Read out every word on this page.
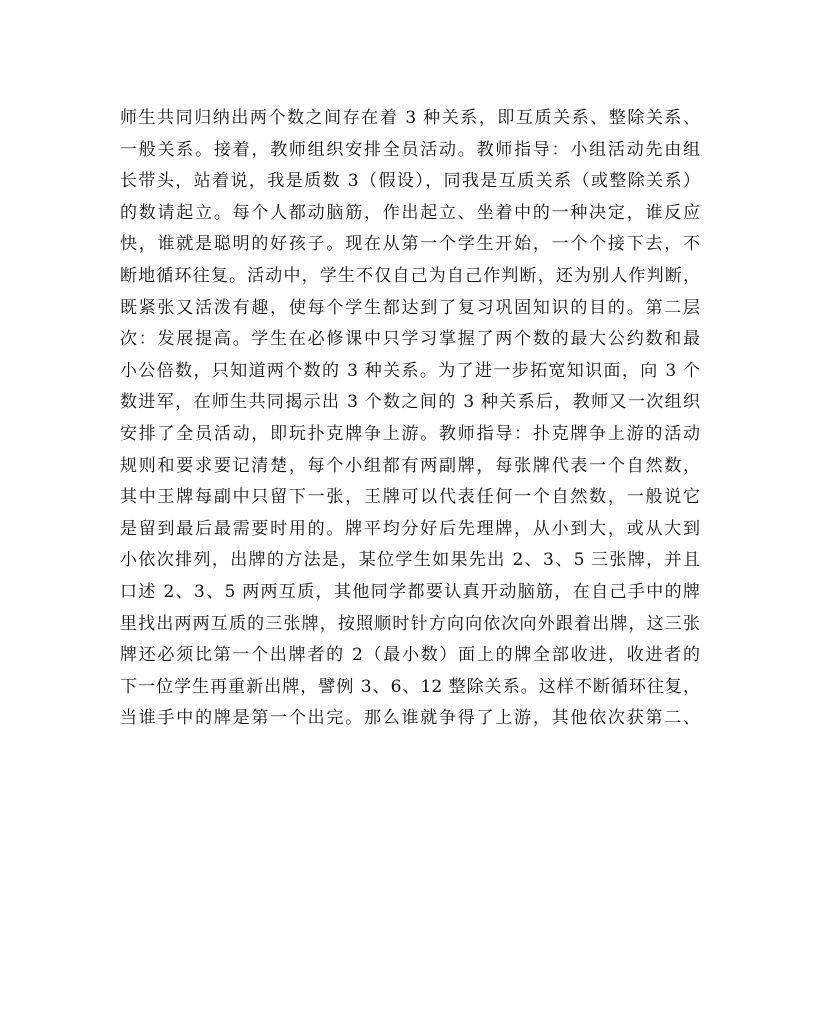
师生共同归纳出两个数之间存在着 3 种关系，即互质关系、整除关系、
一般关系。接着，教师组织安排全员活动。教师指导：小组活动先由组
长带头，站着说，我是质数 3（假设），同我是互质关系（或整除关系）
的数请起立。每个人都动脑筋，作出起立、坐着中的一种决定，谁反应
快，谁就是聪明的好孩子。现在从第一个学生开始，一个个接下去，不
断地循环往复。活动中，学生不仅自己为自己作判断，还为别人作判断，
既紧张又活泼有趣，使每个学生都达到了复习巩固知识的目的。第二层
次：发展提高。学生在必修课中只学习掌握了两个数的最大公约数和最
小公倍数，只知道两个数的 3 种关系。为了进一步拓宽知识面，向 3 个
数进军，在师生共同揭示出 3 个数之间的 3 种关系后，教师又一次组织
安排了全员活动，即玩扑克牌争上游。教师指导：扑克牌争上游的活动
规则和要求要记清楚，每个小组都有两副牌，每张牌代表一个自然数，
其中王牌每副中只留下一张，王牌可以代表任何一个自然数，一般说它
是留到最后最需要时用的。牌平均分好后先理牌，从小到大，或从大到
小依次排列，出牌的方法是，某位学生如果先出 2、3、5 三张牌，并且
口述 2、3、5 两两互质，其他同学都要认真开动脑筋，在自己手中的牌
里找出两两互质的三张牌，按照顺时针方向向依次向外跟着出牌，这三张
牌还必须比第一个出牌者的 2（最小数）面上的牌全部收进，收进者的
下一位学生再重新出牌，譬例 3、6、12 整除关系。这样不断循环往复，
当谁手中的牌是第一个出完。那么谁就争得了上游，其他依次获第二、
